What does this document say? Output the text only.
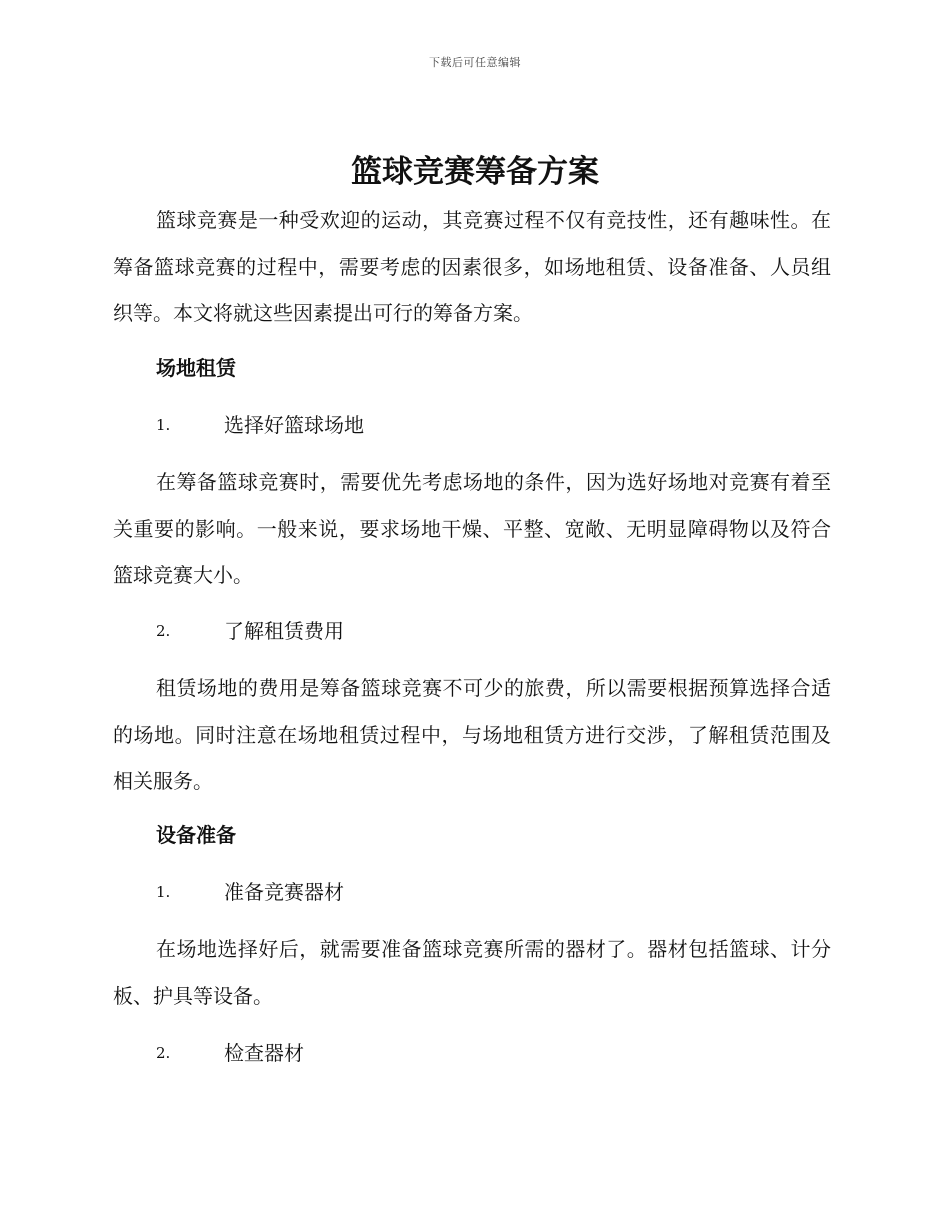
下载后可任意编辑
篮球竞赛筹备方案

篮球竞赛是一种受欢迎的运动，其竞赛过程不仅有竞技性，还有趣味性。在筹备篮球竞赛的过程中，需要考虑的因素很多，如场地租赁、设备准备、人员组织等。本文将就这些因素提出可行的筹备方案。

场地租赁
1.	选择好篮球场地

在筹备篮球竞赛时，需要优先考虑场地的条件，因为选好场地对竞赛有着至关重要的影响。一般来说，要求场地干燥、平整、宽敞、无明显障碍物以及符合篮球竞赛大小。

2.	了解租赁费用

租赁场地的费用是筹备篮球竞赛不可少的旅费，所以需要根据预算选择合适的场地。同时注意在场地租赁过程中，与场地租赁方进行交涉，了解租赁范围及相关服务。

设备准备
1.	准备竞赛器材

在场地选择好后，就需要准备篮球竞赛所需的器材了。器材包括篮球、计分板、护具等设备。

2.	检查器材
